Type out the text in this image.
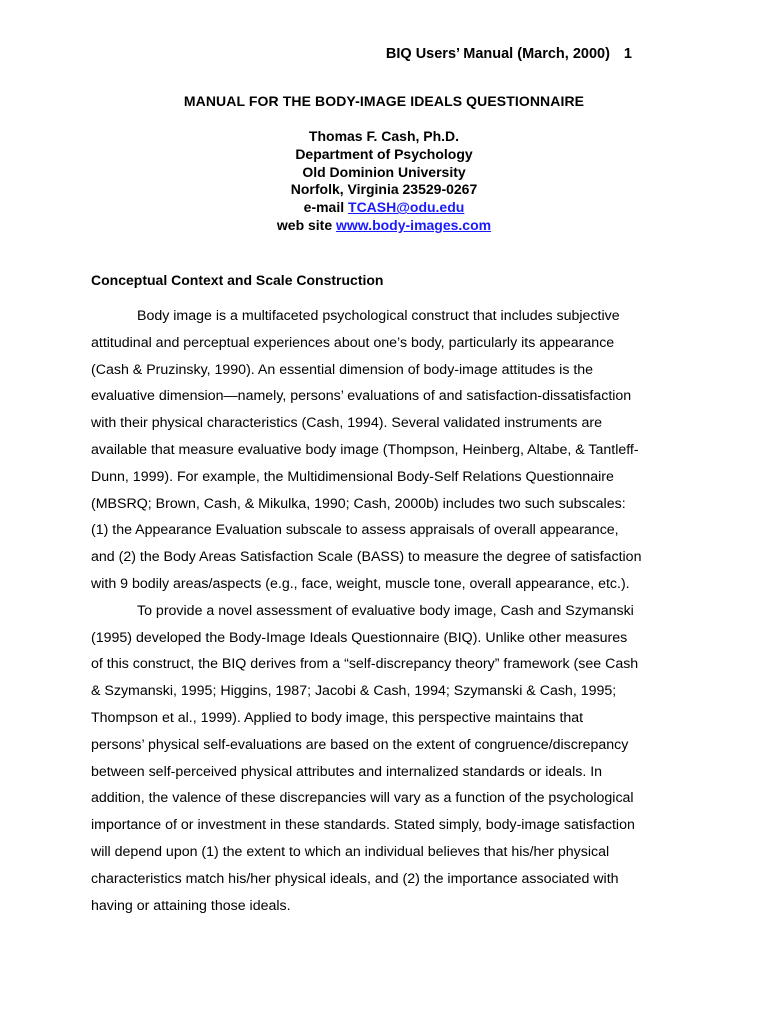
BIQ Users’ Manual (March, 2000) 1
MANUAL FOR THE BODY-IMAGE IDEALS QUESTIONNAIRE
Thomas F. Cash, Ph.D.
Department of Psychology
Old Dominion University
Norfolk, Virginia 23529-0267
e-mail TCASH@odu.edu
web site www.body-images.com
Conceptual Context and Scale Construction
Body image is a multifaceted psychological construct that includes subjective
attitudinal and perceptual experiences about one’s body, particularly its appearance
(Cash & Pruzinsky, 1990). An essential dimension of body-image attitudes is the
evaluative dimension—namely, persons’ evaluations of and satisfaction-dissatisfaction
with their physical characteristics (Cash, 1994). Several validated instruments are
available that measure evaluative body image (Thompson, Heinberg, Altabe, & Tantleff-
Dunn, 1999). For example, the Multidimensional Body-Self Relations Questionnaire
(MBSRQ; Brown, Cash, & Mikulka, 1990; Cash, 2000b) includes two such subscales:
(1) the Appearance Evaluation subscale to assess appraisals of overall appearance,
and (2) the Body Areas Satisfaction Scale (BASS) to measure the degree of satisfaction
with 9 bodily areas/aspects (e.g., face, weight, muscle tone, overall appearance, etc.).
To provide a novel assessment of evaluative body image, Cash and Szymanski
(1995) developed the Body-Image Ideals Questionnaire (BIQ). Unlike other measures
of this construct, the BIQ derives from a “self-discrepancy theory” framework (see Cash
& Szymanski, 1995; Higgins, 1987; Jacobi & Cash, 1994; Szymanski & Cash, 1995;
Thompson et al., 1999). Applied to body image, this perspective maintains that
persons’ physical self-evaluations are based on the extent of congruence/discrepancy
between self-perceived physical attributes and internalized standards or ideals. In
addition, the valence of these discrepancies will vary as a function of the psychological
importance of or investment in these standards. Stated simply, body-image satisfaction
will depend upon (1) the extent to which an individual believes that his/her physical
characteristics match his/her physical ideals, and (2) the importance associated with
having or attaining those ideals.
